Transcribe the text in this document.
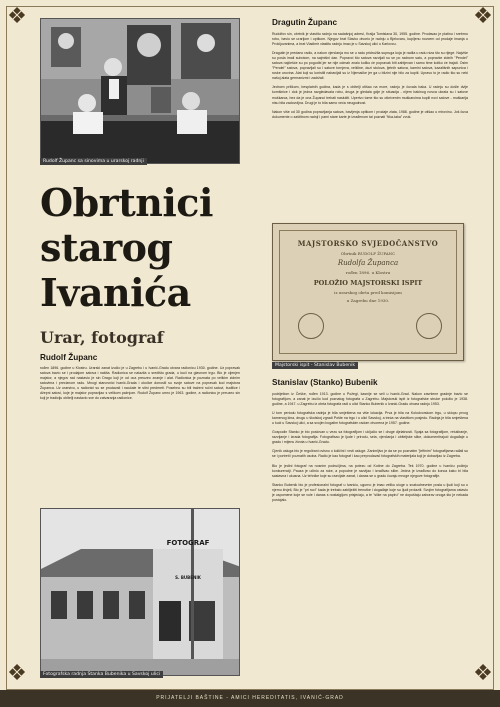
❖	❖
❖	❖
Rudolf Županc sa sinovima u urarskoj radnji
Obrtnici
starog
Ivanića
Urar, fotograf
Rudolf Županc

rođen 1896. godine u Klostru. Urarski zanat izučio je u Zagrebu i u Ivanić-Gradu otvara radionicu 1930. godine. Uz popravak satova bavio se i prodajom satova i nakita. Radionica se nalazila u središtu grada, u kući na glavnom trgu. Bio je cijenjen majstor, a njegov rad nastavio je sin Drago koji je od oca preuzeo znanje i alat. Radionica je poznata po velikim zidnim satovima i preciznom radu. Mnogi stanovnici Ivanić-Grada i okolice donosili su svoje satove na popravak kod majstora Županca. Uz urarstvo, u radionici su se prodavali i naočale te sitni predmeti. Posebno su bili traženi ručni satovi, budilice i džepni satovi, koje je majstor popravljao s velikom pažnjom. Rudolf Županc umro je 1963. godine, a radionicu je preuzeo sin koji je tradiciju obitelji nastavio sve do zatvaranja radionice.

FOTOGRAF
S. BUBENIK
Fotografska radnja Stanka Bubenika u Savskoj ulici
Dragutin Županc

Rudolfov sin, obrtnik je vlastitu radnju na sadašnjoj adresi, Kralja Tomislava 30, 1955. godine. Prodavao je platinu i srebrnu robu, bavio se urarijom i optikom. Njegov brat Slavko otvorio je radnju u Bjelovaru, kupljenu novcem od prodaje imanja u Prokljuvanima, a brat Vladimir vlastitu radnju imao je u Savskoj ulici u Karlovcu.

Dragutin je predano radio, a nakon vjenčanja mu se u radu pridružila supruga koja je radila u radu niza što su rijege. Najviše su posla imali subotom, na sajmišni dan. Popravci što satova razvijali su se po radnom satu, a popravke zidnih "Pendel" satova najčešće su po pogodbi jer se nije odmah znalo koliko će popravak biti zahtjevan i samo time koliko će trajati. Osim "Pendel" satova, popravljali su i satove tornjeva, veličine, duzi stolova, ljetnih satova, kamini satova, kazališnih sapunica i ruske urovina. Alat koji su koristili nabavljali su iz Njemačke jer ga u blizini nije bilo za kupiti. Upravo to je radio što su neki našoj alata germanizmi i zadržali.

Jednom prilikom, besplatnih godina, kada je s obitelji otišao na more, radnju je čuvala baka. U radnju su došle dvije komšinice i dok je jedna razgledavala robu, druga je gledala gdje je situacija - nijem bakinog novca ukrala su i satove muškarca, bez da je ona Županci trebali naslutiti. Uperivo tome što su otkrivenim muškarcima kupili novi satove - muškarija nisu bila zadovoljna. Drugi je to bila samo veća neugodnost.

Nakon više od 30 godina popravljanja satova, bavljenja optikom i prodaje zlata, 1988. godine je otišao u mirovinu. Još čuva dokumente o zaštitnom radnji i parni stare karte je izrađenom tai poznati "tika-taka" zvuk.

MAJSTORSKO SVJEDOČANSTVO
Obrtnik RUDOLF ŽUPANC
Rudolfa Županca
rođen 1896. u Klostru
POLOŽIO MAJSTORSKI ISPIT
iz urarskog obrta pred komisijom
u Zagrebu dne 1930.
Majstorski ispit - Stanislav Bubenik
Stanislav (Stanko) Bubenik

podrijetlom iz Češke, rođen 1913. godine u Požegi, kasnije se seli u Ivanić-Grad. Nakon završene gradnje bavio se fotografijom, a zanat je izučio kod poznatog fotografa u Zagrebu. Majstorski ispit iz fotografske struke položio je 1938. godine, a 1947. u Zagrebu iz obrta fotografa radi u ulici Stanko Bubenik u Ivanić-Gradu otvara radnju 1953.

U tom periodu fotografska radnja je bila smještena na više lokacija. Prva je bila na Kolodvorskom trgu, u sklopu prvog kamenog kina, drugu u školskoj zgradi Pošte na trgu i u ulici Savskoj, a treća na vlastitom posjedu. Radnja je bila smještena u kući u Savskoj ulici, a sa svojim bogatim fotografskim radom otvorena je 1957. godine.

Gospodin Stanko je bio poslovan u vezu sa fotografijom i uključio se i druge djelatnosti. Spaja sa fotografijom, retuširanje, razvijanje i izrada fotografija. Fotografisao je ljude i prirodu, sela, vjenčanja i obiteljske slike, dokumentirajući događaje u gradu i mijenu života u Ivanić-Gradu.

Cjenik usluga bio je regulirani ovisno o količini i vrsti usluge. Zanimljivo je da se po poznatim "jeftinim" fotografijama rađali su se i portreti i poznatih osoba. Radio je kao fotograf i kao preprodavač fotografskih materijala koji je dobavljao iz Zagreba.

Bio je jedini fotograf na nosnim područjima, na potezu od Kutine do Zagreba. Tek 1970. godine u Ivaniću počinju konkurenciji. Pauza je učinio za ruke, a popodne je razvijao i izrađivao slike. Jedna je izrađivao do konca kako bi bila sastavna i ukusna. Uz tehnike koje su razvijale zanat, i danas se u gradu čuvaju mnoge njegove fotografije.

Stanko Bubenik bio je profesionalni fotograf u Ivaniću, ugurno je imao veliku uloge u svakodnevnim posla u ljudi koji su u njemu živjeli, Bio je "pri ruci" kada je trebalo zabilježiti trenutke i događaje koje su ljudi prolazili. Svojim fotografijama ostavio je uspomene koje se vole i danas s nostalgijom prisjećaju, a te "slike na papiru" ne dopuštaju zaborav onoga što je nekada postojalo.

PRIJATELJI BAŠTINE - AMICI HEREDITATIS, IVANIĆ-GRAD
